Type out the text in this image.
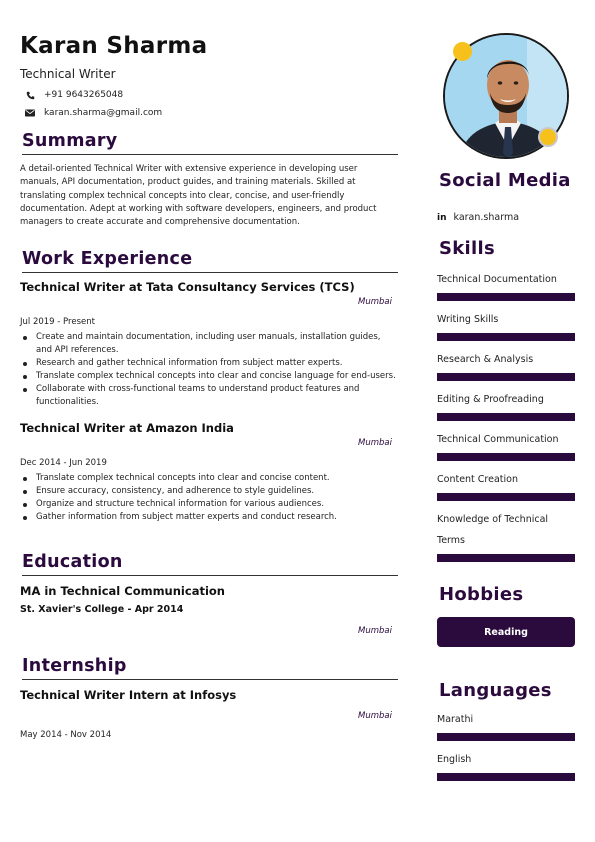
Karan Sharma
Technical Writer
+91 9643265048
karan.sharma@gmail.com
Summary
A detail-oriented Technical Writer with extensive experience in developing user manuals, API documentation, product guides, and training materials. Skilled at translating complex technical concepts into clear, concise, and user-friendly documentation. Adept at working with software developers, engineers, and product managers to create accurate and comprehensive documentation.
Work Experience
Technical Writer at Tata Consultancy Services (TCS)
Mumbai
Jul 2019 - Present
Create and maintain documentation, including user manuals, installation guides, and API references.
Research and gather technical information from subject matter experts.
Translate complex technical concepts into clear and concise language for end-users.
Collaborate with cross-functional teams to understand product features and functionalities.
Technical Writer at Amazon India
Mumbai
Dec 2014 - Jun 2019
Translate complex technical concepts into clear and concise content.
Ensure accuracy, consistency, and adherence to style guidelines.
Organize and structure technical information for various audiences.
Gather information from subject matter experts and conduct research.
Education
MA in Technical Communication
St. Xavier's College - Apr 2014
Mumbai
Internship
Technical Writer Intern at Infosys
Mumbai
May 2014 - Nov 2014
Social Media
in karan.sharma
Skills
Technical Documentation
Writing Skills
Research & Analysis
Editing & Proofreading
Technical Communication
Content Creation
Knowledge of Technical Terms
Hobbies
Reading
Languages
Marathi
English
